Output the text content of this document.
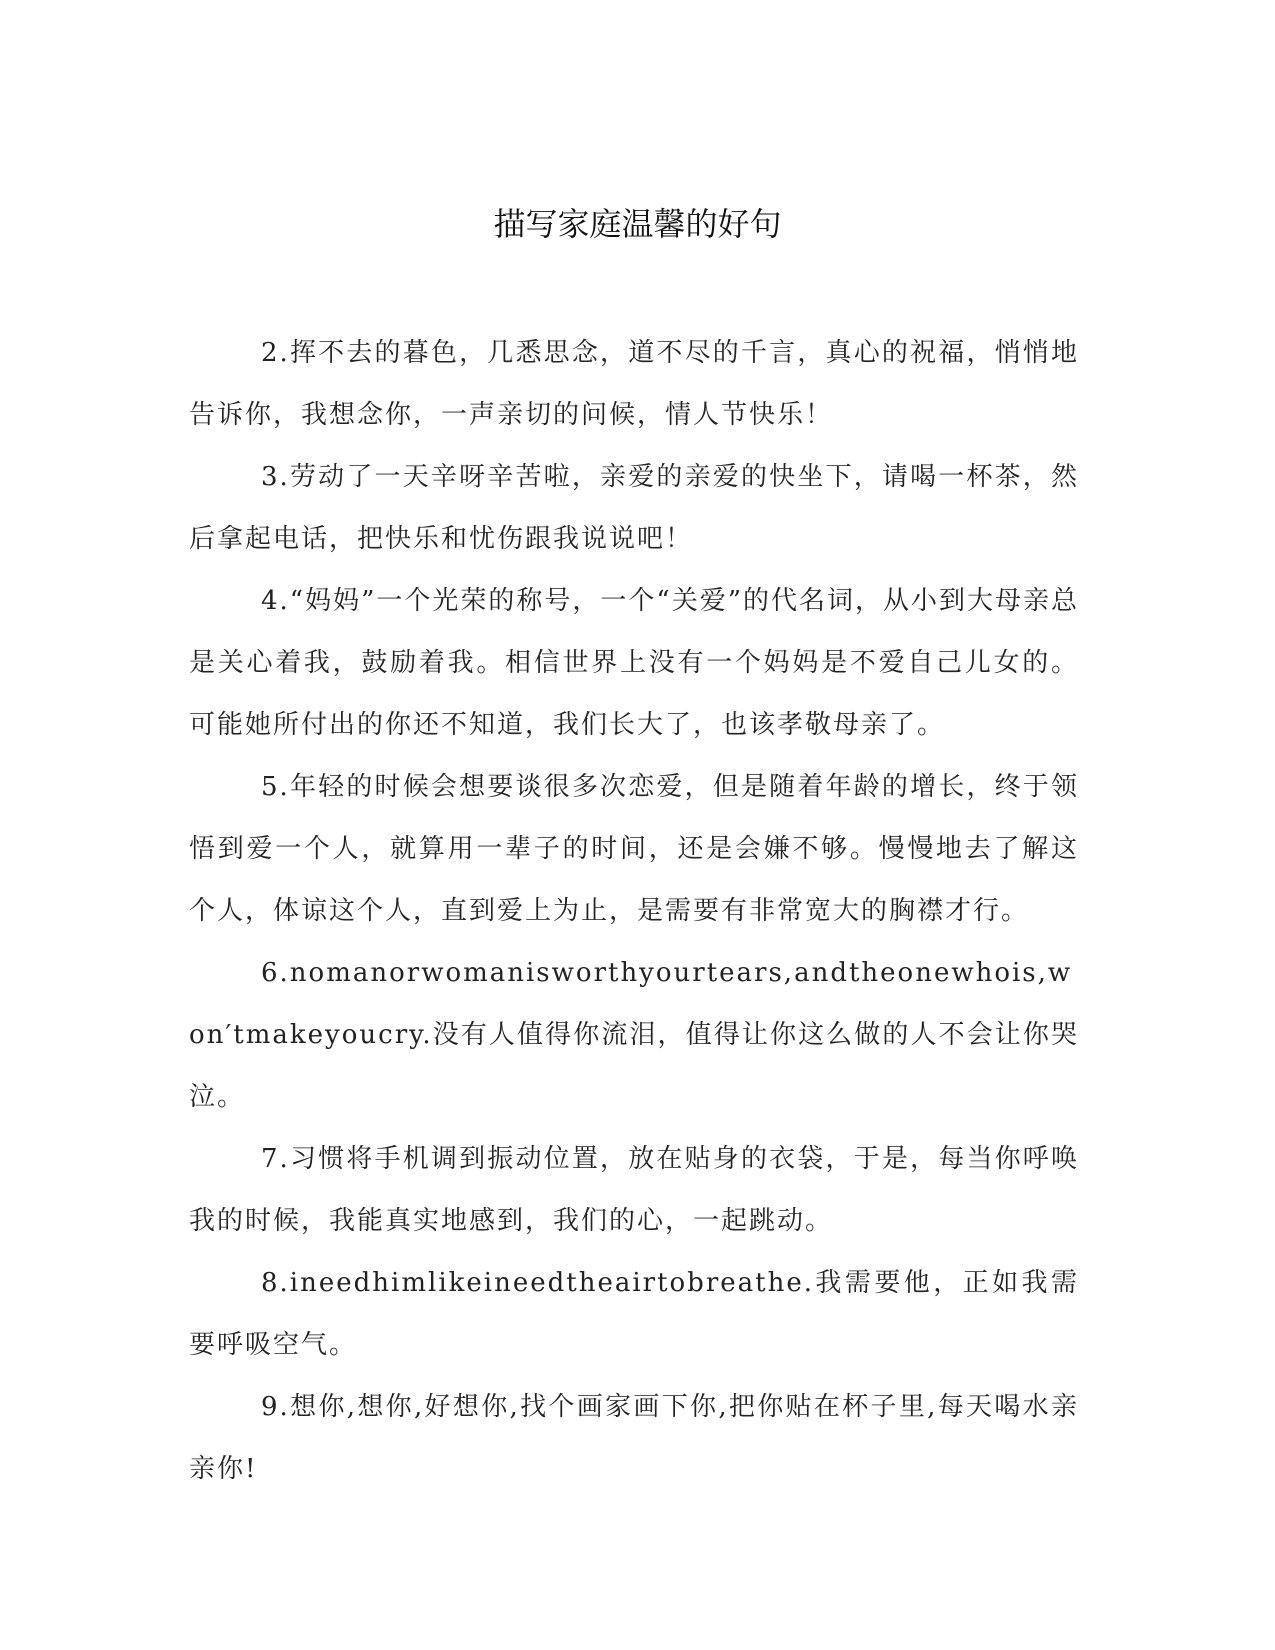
描写家庭温馨的好句

2.挥不去的暮色，几悉思念，道不尽的千言，真心的祝福，悄悄地告诉你，我想念你，一声亲切的问候，情人节快乐！

3.劳动了一天辛呀辛苦啦，亲爱的亲爱的快坐下，请喝一杯茶，然后拿起电话，把快乐和忧伤跟我说说吧！

4.“妈妈”一个光荣的称号，一个“关爱”的代名词，从小到大母亲总是关心着我，鼓励着我。相信世界上没有一个妈妈是不爱自己儿女的。可能她所付出的你还不知道，我们长大了，也该孝敬母亲了。

5.年轻的时候会想要谈很多次恋爱，但是随着年龄的增长，终于领悟到爱一个人，就算用一辈子的时间，还是会嫌不够。慢慢地去了解这个人，体谅这个人，直到爱上为止，是需要有非常宽大的胸襟才行。

6.nomanorwomanisworthyourtears,andtheonewhois,won′tmakeyoucry.没有人值得你流泪，值得让你这么做的人不会让你哭泣。

7.习惯将手机调到振动位置，放在贴身的衣袋，于是，每当你呼唤我的时候，我能真实地感到，我们的心，一起跳动。

8.ineedhimlikeineedtheairtobreathe.我需要他，正如我需要呼吸空气。

9.想你,想你,好想你,找个画家画下你,把你贴在杯子里,每天喝水亲亲你!
